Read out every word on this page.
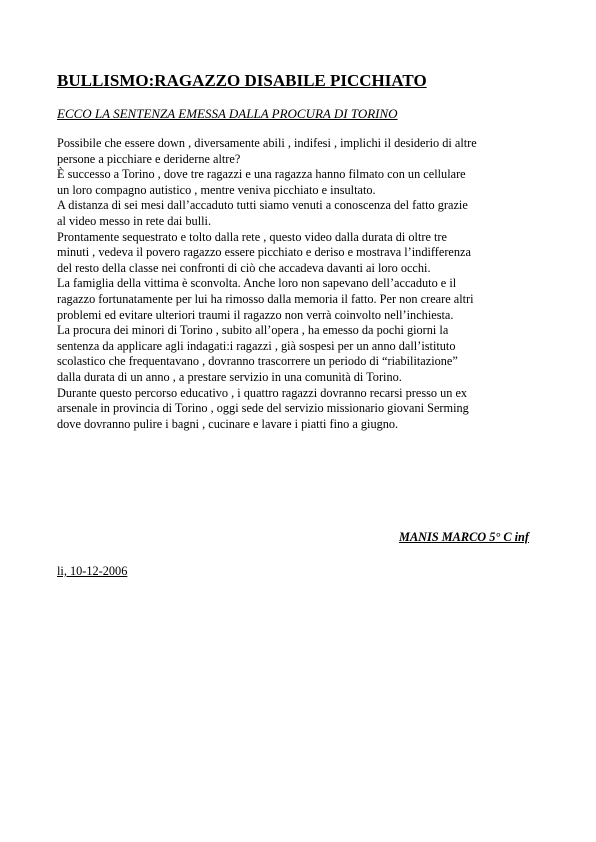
BULLISMO:RAGAZZO DISABILE PICCHIATO
ECCO LA SENTENZA EMESSA DALLA PROCURA DI TORINO
Possibile che essere down , diversamente abili , indifesi , implichi il desiderio di altre
persone a picchiare e deriderne altre?
È successo a Torino , dove tre ragazzi e una ragazza hanno filmato con un cellulare
un loro compagno autistico , mentre veniva picchiato e insultato.
A distanza di sei mesi dall’accaduto tutti siamo venuti a conoscenza del fatto grazie
al video messo in rete dai bulli.
Prontamente sequestrato e tolto dalla rete , questo video dalla durata di oltre tre
minuti , vedeva il povero ragazzo essere picchiato e deriso e mostrava l’indifferenza
del resto della classe nei confronti di ciò che accadeva davanti ai loro occhi.
La famiglia della vittima è sconvolta. Anche loro non sapevano dell’accaduto e il
ragazzo fortunatamente per lui ha rimosso dalla memoria il fatto. Per non creare altri
problemi ed evitare ulteriori traumi il ragazzo non verrà coinvolto nell’inchiesta.
La procura dei minori di Torino , subito all’opera , ha emesso da pochi giorni la
sentenza da applicare agli indagati:i ragazzi , già sospesi per un anno dall’istituto
scolastico che frequentavano , dovranno trascorrere un periodo di “riabilitazione”
dalla durata di un anno , a prestare servizio in una comunità di Torino.
Durante questo percorso educativo , i quattro ragazzi dovranno recarsi presso un ex
arsenale in provincia di Torino , oggi sede del servizio missionario giovani Serming
dove dovranno pulire i bagni , cucinare e lavare i piatti fino a giugno.
MANIS MARCO 5° C inf
li, 10-12-2006
